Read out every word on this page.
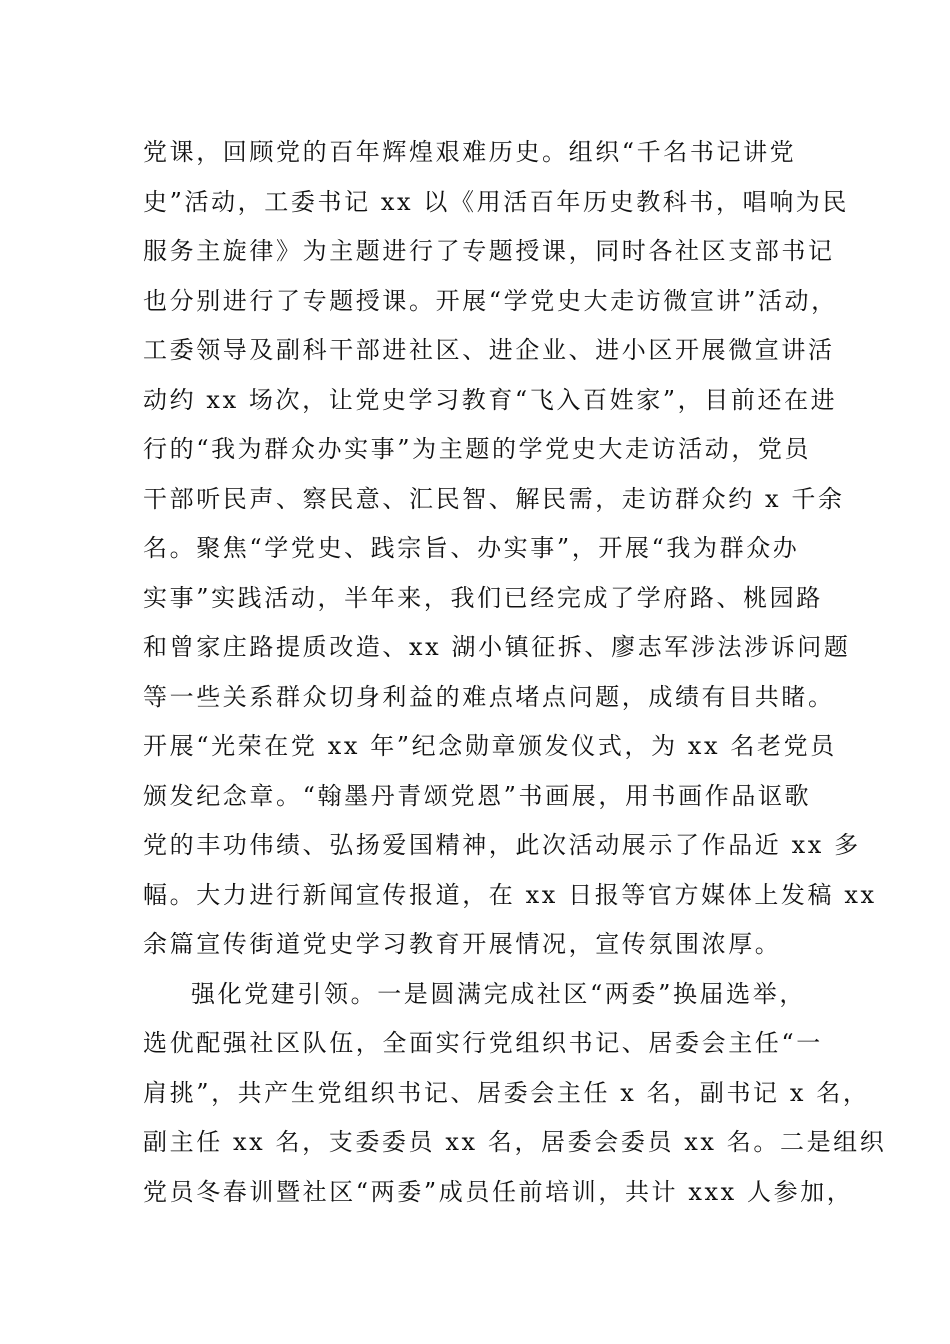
党课，回顾党的百年辉煌艰难历史。组织“千名书记讲党
史”活动，工委书记 xx 以《用活百年历史教科书，唱响为民
服务主旋律》为主题进行了专题授课，同时各社区支部书记
也分别进行了专题授课。开展“学党史大走访微宣讲”活动，
工委领导及副科干部进社区、进企业、进小区开展微宣讲活
动约 xx 场次，让党史学习教育“飞入百姓家”，目前还在进
行的“我为群众办实事”为主题的学党史大走访活动，党员
干部听民声、察民意、汇民智、解民需，走访群众约 x 千余
名。聚焦“学党史、践宗旨、办实事”，开展“我为群众办
实事”实践活动，半年来，我们已经完成了学府路、桃园路
和曾家庄路提质改造、xx 湖小镇征拆、廖志军涉法涉诉问题
等一些关系群众切身利益的难点堵点问题，成绩有目共睹。
开展“光荣在党 xx 年”纪念勋章颁发仪式，为 xx 名老党员
颁发纪念章。“翰墨丹青颂党恩”书画展，用书画作品讴歌
党的丰功伟绩、弘扬爱国精神，此次活动展示了作品近 xx 多
幅。大力进行新闻宣传报道，在 xx 日报等官方媒体上发稿 xx
余篇宣传街道党史学习教育开展情况，宣传氛围浓厚。
强化党建引领。一是圆满完成社区“两委”换届选举，
选优配强社区队伍，全面实行党组织书记、居委会主任“一
肩挑”，共产生党组织书记、居委会主任 x 名，副书记 x 名，
副主任 xx 名，支委委员 xx 名，居委会委员 xx 名。二是组织
党员冬春训暨社区“两委”成员任前培训，共计 xxx 人参加，
